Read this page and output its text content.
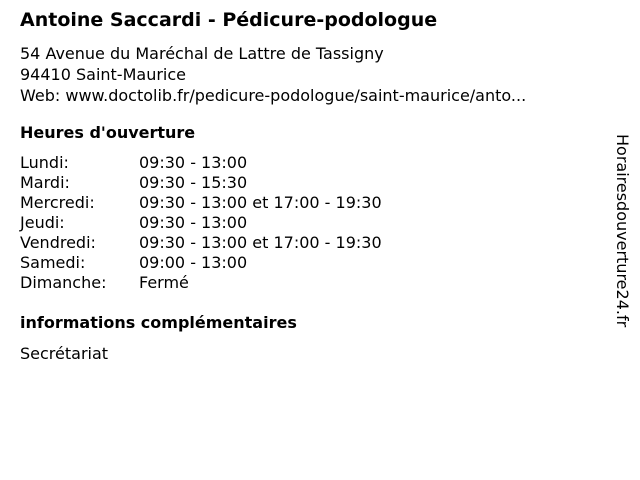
Antoine Saccardi - Pédicure-podologue
54 Avenue du Maréchal de Lattre de Tassigny
94410 Saint-Maurice
Web: www.doctolib.fr/pedicure-podologue/saint-maurice/anto...
Heures d'ouverture
Lundi:	09:30 - 13:00
Mardi:	09:30 - 15:30
Mercredi:	09:30 - 13:00 et 17:00 - 19:30
Jeudi:	09:30 - 13:00
Vendredi:	09:30 - 13:00 et 17:00 - 19:30
Samedi:	09:00 - 13:00
Dimanche: Fermé
informations complémentaires
Secrétariat
Horairesdouverture24.fr
